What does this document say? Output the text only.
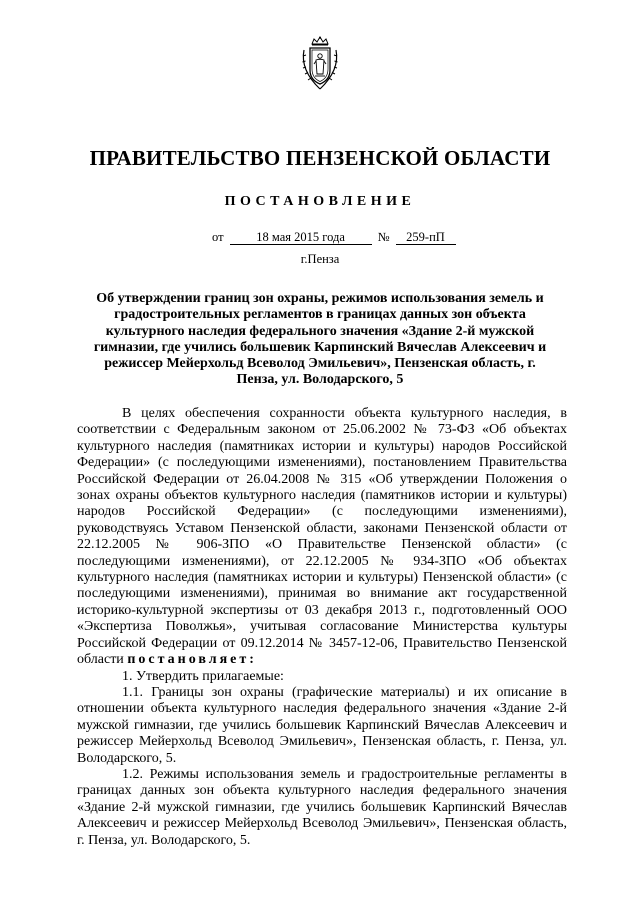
ПРАВИТЕЛЬСТВО ПЕНЗЕНСКОЙ ОБЛАСТИ
ПОСТАНОВЛЕНИЕ
от	18 мая 2015 года	№ 259-пП
г.Пенза
Об утверждении границ зон охраны, режимов использования земель и градостроительных регламентов в границах данных зон объекта культурного наследия федерального значения «Здание 2-й мужской гимназии, где учились большевик Карпинский Вячеслав Алексеевич и режиссер Мейерхольд Всеволод Эмильевич», Пензенская область, г. Пенза, ул. Володарского, 5

В целях обеспечения сохранности объекта культурного наследия, в соответствии с Федеральным законом от 25.06.2002 № 73-ФЗ «Об объектах культурного наследия (памятниках истории и культуры) народов Российской Федерации» (с последующими изменениями), постановлением Правительства Российской Федерации от 26.04.2008 № 315 «Об утверждении Положения о зонах охраны объектов культурного наследия (памятников истории и культуры) народов Российской Федерации» (с последующими изменениями), руководствуясь Уставом Пензенской области, законами Пензенской области от 22.12.2005 № 906-ЗПО «О Правительстве Пензенской области» (с последующими изменениями), от 22.12.2005 № 934-ЗПО «Об объектах культурного наследия (памятниках истории и культуры) Пензенской области» (с последующими изменениями), принимая во внимание акт государственной историко-культурной экспертизы от 03 декабря 2013 г., подготовленный ООО «Экспертиза Поволжья», учитывая согласование Министерства культуры Российской Федерации от 09.12.2014 № 3457-12-06, Правительство Пензенской области постановляет:

1. Утвердить прилагаемые:

1.1. Границы зон охраны (графические материалы) и их описание в отношении объекта культурного наследия федерального значения «Здание 2-й мужской гимназии, где учились большевик Карпинский Вячеслав Алексеевич и режиссер Мейерхольд Всеволод Эмильевич», Пензенская область, г. Пенза, ул. Володарского, 5.

1.2. Режимы использования земель и градостроительные регламенты в границах данных зон объекта культурного наследия федерального значения «Здание 2-й мужской гимназии, где учились большевик Карпинский Вячеслав Алексеевич и режиссер Мейерхольд Всеволод Эмильевич», Пензенская область, г. Пенза, ул. Володарского, 5.
